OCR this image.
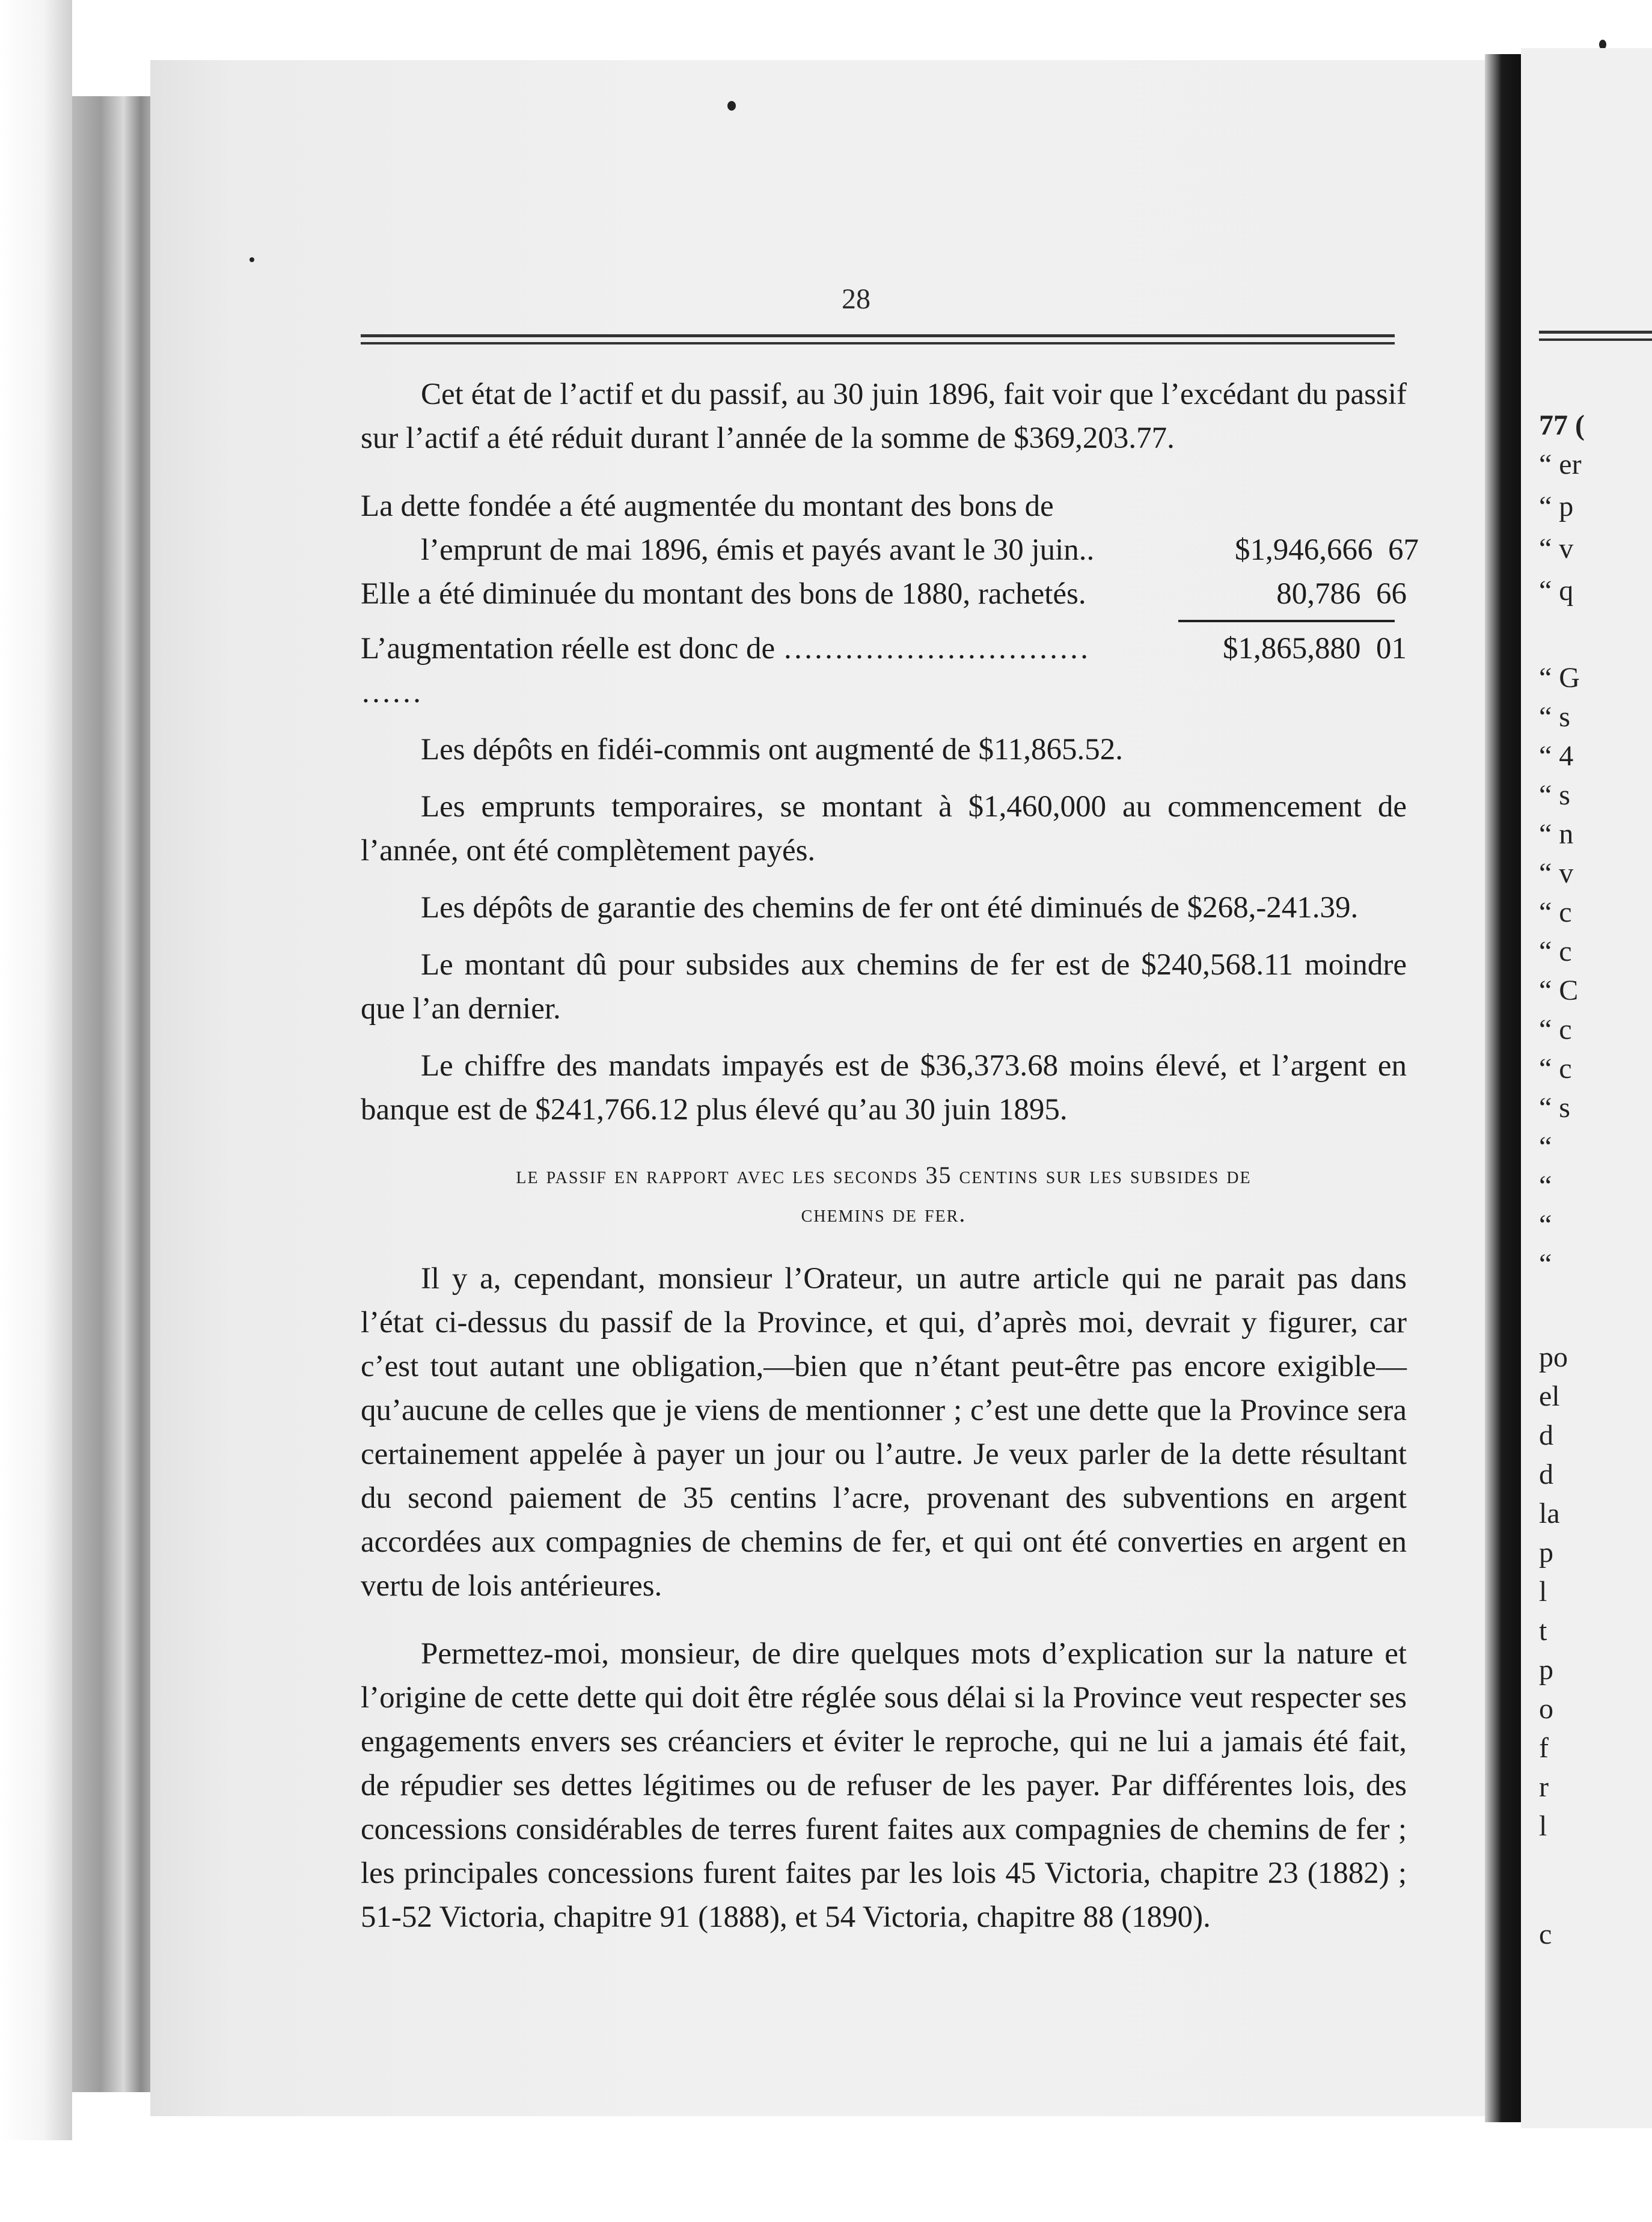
77 (
“ er
“ p
“ v
“ q
“ G
“ s
“ 4
“ s
“ n
“ v
“ c
“ c
“ C
“ c
“ c
“ s
“
“
“
“
po
el
d
d
la
p
l
t
p
o
f
r
l
c
28

Cet état de l’actif et du passif, au 30 juin 1896, fait voir que l’excédant du passif sur l’actif a été réduit durant l’année de la somme de $369,203.77.

La dette fondée a été augmentée du montant des bons de
l’emprunt de mai 1896, émis et payés avant le 30 juin..	$1,946,666  67
Elle a été diminuée du montant des bons de 1880, rachetés.	80,786  66
L’augmentation réelle est donc de ………………………… ……
$1,865,880  01

Les dépôts en fidéi-commis ont augmenté de $11,865.52.

Les emprunts temporaires, se montant à $1,460,000 au commencement de l’année, ont été complètement payés.

Les dépôts de garantie des chemins de fer ont été diminués de $268,-241.39.

Le montant dû pour subsides aux chemins de fer est de $240,568.11 moindre que l’an dernier.

Le chiffre des mandats impayés est de $36,373.68 moins élevé, et l’argent en banque est de $241,766.12 plus élevé qu’au 30 juin 1895.

le passif en rapport avec les seconds 35 centins sur les subsides de
chemins de fer.

Il y a, cependant, monsieur l’Orateur, un autre article qui ne parait pas dans l’état ci-dessus du passif de la Province, et qui, d’après moi, devrait y figurer, car c’est tout autant une obligation,—bien que n’étant peut-être pas encore exigible—qu’aucune de celles que je viens de mentionner ; c’est une dette que la Province sera certainement appelée à payer un jour ou l’autre. Je veux parler de la dette résultant du second paiement de 35 centins l’acre, provenant des subventions en argent accordées aux compagnies de chemins de fer, et qui ont été converties en argent en vertu de lois antérieures.

Permettez-moi, monsieur, de dire quelques mots d’explication sur la nature et l’origine de cette dette qui doit être réglée sous délai si la Province veut respecter ses engagements envers ses créanciers et éviter le reproche, qui ne lui a jamais été fait, de répudier ses dettes légitimes ou de refuser de les payer. Par différentes lois, des concessions considérables de terres furent faites aux compagnies de chemins de fer ; les principales concessions furent faites par les lois 45 Victoria, chapitre 23 (1882) ; 51-52 Victoria, chapitre 91 (1888), et 54 Victoria, chapitre 88 (1890).
